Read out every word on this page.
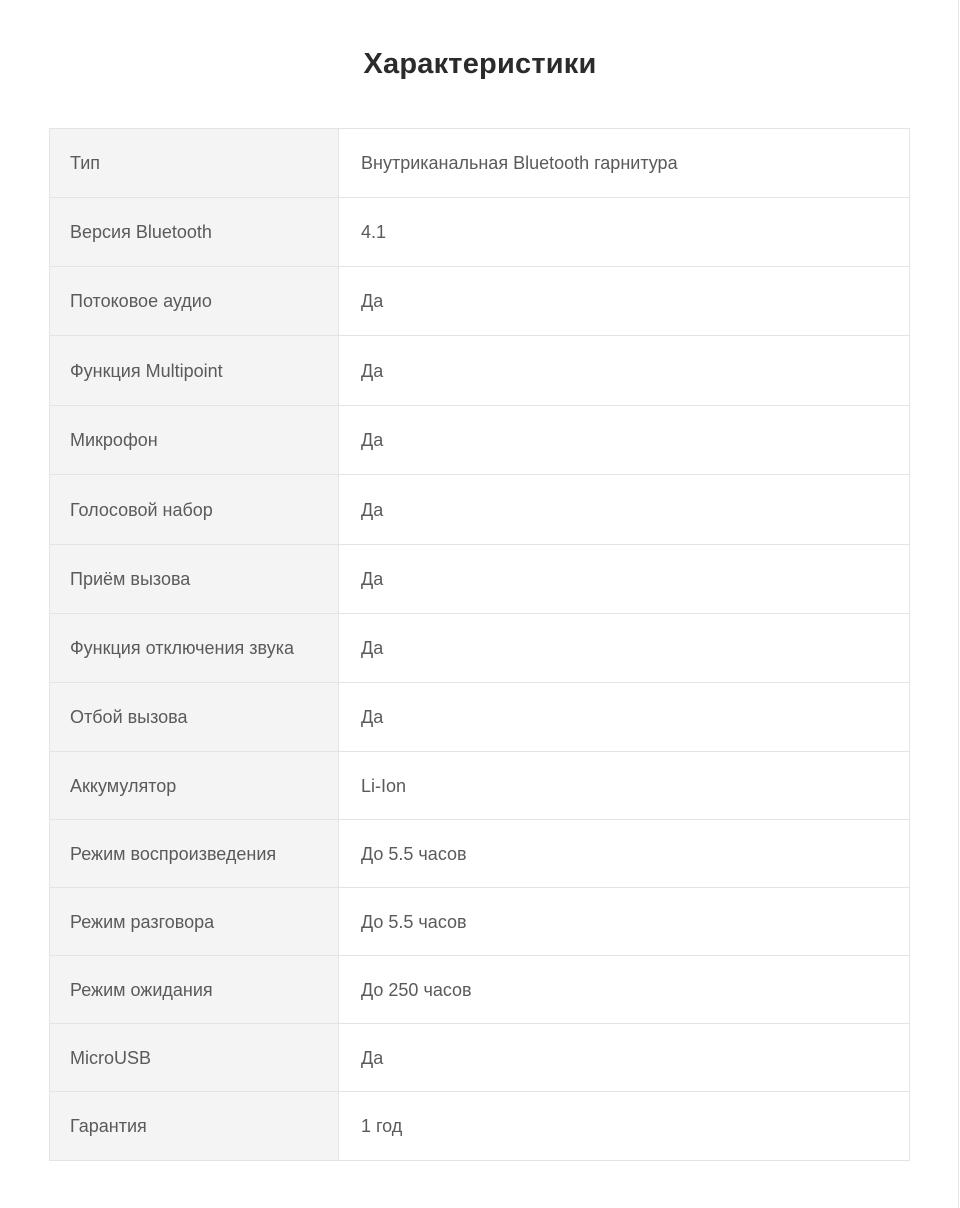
Характеристики
Тип	Внутриканальная Bluetooth гарнитура
Версия Bluetooth	4.1
Потоковое аудио	Да
Функция Multipoint	Да
Микрофон	Да
Голосовой набор	Да
Приём вызова	Да
Функция отключения звука	Да
Отбой вызова	Да
Аккумулятор	Li-Ion
Режим воспроизведения	До 5.5 часов
Режим разговора	До 5.5 часов
Режим ожидания	До 250 часов
MicroUSB	Да
Гарантия	1 год
